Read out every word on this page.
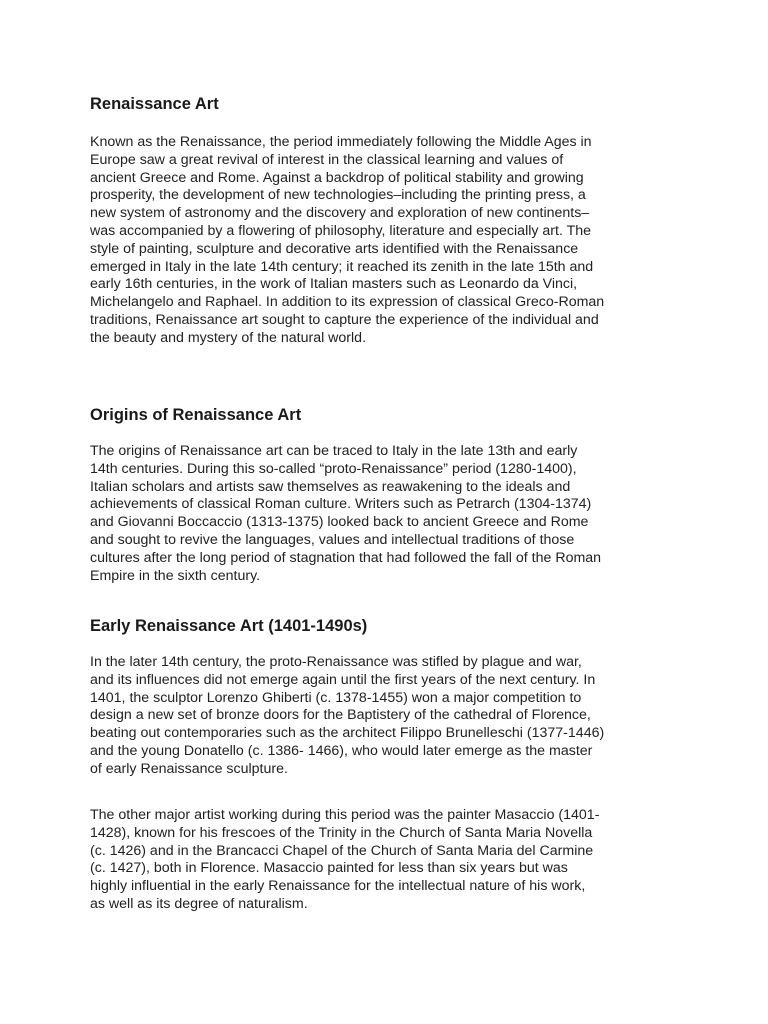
Renaissance Art

Known as the Renaissance, the period immediately following the Middle Ages in
Europe saw a great revival of interest in the classical learning and values of
ancient Greece and Rome. Against a backdrop of political stability and growing
prosperity, the development of new technologies–including the printing press, a
new system of astronomy and the discovery and exploration of new continents–
was accompanied by a flowering of philosophy, literature and especially art. The
style of painting, sculpture and decorative arts identified with the Renaissance
emerged in Italy in the late 14th century; it reached its zenith in the late 15th and
early 16th centuries, in the work of Italian masters such as Leonardo da Vinci,
Michelangelo and Raphael. In addition to its expression of classical Greco-Roman
traditions, Renaissance art sought to capture the experience of the individual and
the beauty and mystery of the natural world.

Origins of Renaissance Art

The origins of Renaissance art can be traced to Italy in the late 13th and early
14th centuries. During this so-called “proto-Renaissance” period (1280-1400),
Italian scholars and artists saw themselves as reawakening to the ideals and
achievements of classical Roman culture. Writers such as Petrarch (1304-1374)
and Giovanni Boccaccio (1313-1375) looked back to ancient Greece and Rome
and sought to revive the languages, values and intellectual traditions of those
cultures after the long period of stagnation that had followed the fall of the Roman
Empire in the sixth century.

Early Renaissance Art (1401-1490s)

In the later 14th century, the proto-Renaissance was stifled by plague and war,
and its influences did not emerge again until the first years of the next century. In
1401, the sculptor Lorenzo Ghiberti (c. 1378-1455) won a major competition to
design a new set of bronze doors for the Baptistery of the cathedral of Florence,
beating out contemporaries such as the architect Filippo Brunelleschi (1377-1446)
and the young Donatello (c. 1386- 1466), who would later emerge as the master
of early Renaissance sculpture.

The other major artist working during this period was the painter Masaccio (1401-
1428), known for his frescoes of the Trinity in the Church of Santa Maria Novella
(c. 1426) and in the Brancacci Chapel of the Church of Santa Maria del Carmine
(c. 1427), both in Florence. Masaccio painted for less than six years but was
highly influential in the early Renaissance for the intellectual nature of his work,
as well as its degree of naturalism.
